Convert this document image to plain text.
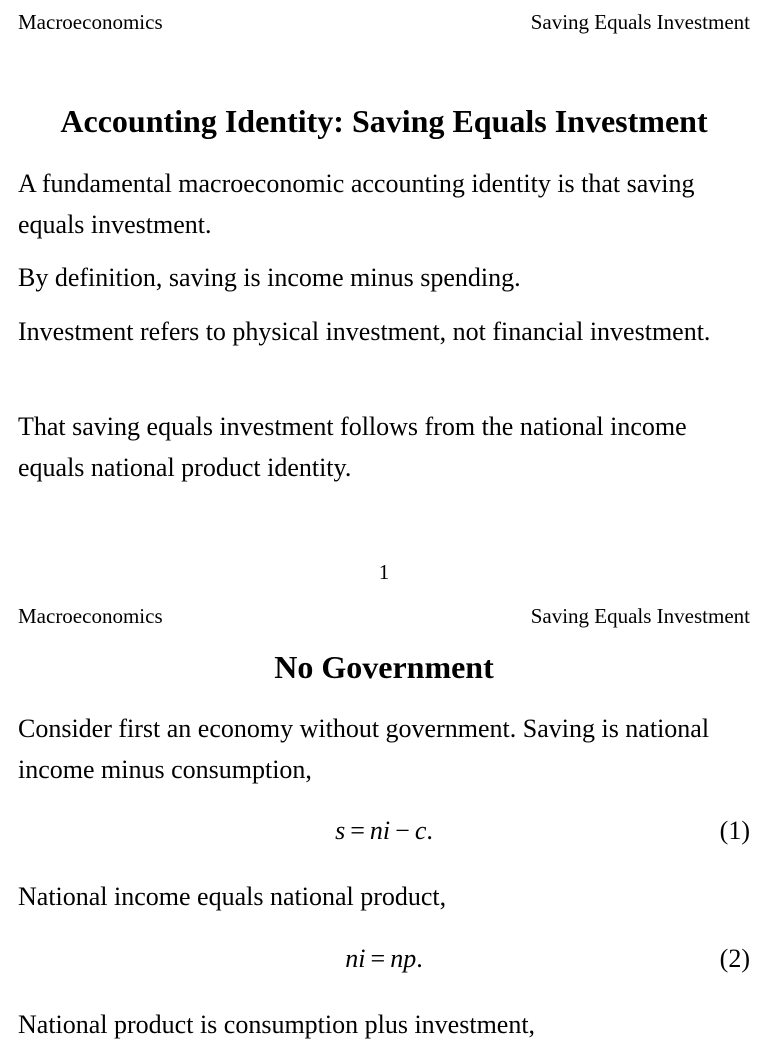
Macroeconomics	Saving Equals Investment
Accounting Identity: Saving Equals Investment
A fundamental macroeconomic accounting identity is that saving equals investment.
By definition, saving is income minus spending.
Investment refers to physical investment, not financial investment.
That saving equals investment follows from the national income equals national product identity.
1
Macroeconomics	Saving Equals Investment
No Government
Consider first an economy without government. Saving is national income minus consumption,
s = ni − c.	(1)
National income equals national product,
ni = np.	(2)
National product is consumption plus investment,
